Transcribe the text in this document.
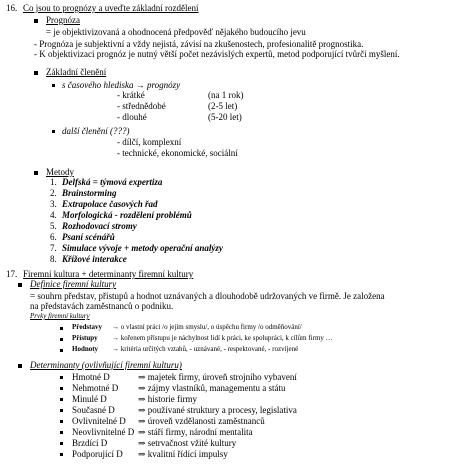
16. Co jsou to prognózy a uveďte základní rozdělení
Prognóza
= je objektivizovaná a ohodnocená předpověď nějakého budoucího jevu
- Prognóza je subjektivní a vždy nejistá, závisí na zkušenostech, profesionalitě prognostika.
- K objektivizaci prognóz je nutný větší počet nezávislých expertů, metod podporující tvůrčí myšlení.
Základní členění
s časového hlediska → prognózy
- krátké	(na 1 rok)
- střednědobé	(2-5 let)
- dlouhé	(5-20 let)
další členění (???)
- dílčí, komplexní
- technické, ekonomické, sociální
Metody
1. Delfská = týmová expertiza
2. Brainstorming
3. Extrapolace časových řad
4. Morfologická - rozdělení problémů
5. Rozhodovací stromy
6. Psaní scénářů
7. Simulace vývoje + metody operační analýzy
8. Křížové interakce
17. Firemní kultura + determinanty firemní kultury
Definice firemní kultury
= souhrn představ, přístupů a hodnot uznávaných a dlouhodobě udržovaných ve firmě. Je založena
na představách zaměstnanců o podniku.
Prvky firemní kultury
Představy → o vlastní práci /o jejím smyslu/, o úspěchu firmy /o odměňování/
Přístupy → kořenem přístupu je náchylnost lidí k práci, ke spolupráci, k cílům firmy …
Hodnoty → kritéria určitých vztahů, - uznávané, - respektované, - rozvíjené
Determinanty (ovlivňující firemní kulturu)
Hmotné D	⇒ majetek firmy, úroveň strojního vybavení
Nehmotné D ⇒ zájmy vlastníků, managementu a státu
Minulé D	⇒ historie firmy
Současné D	⇒ používané struktury a procesy, legislativa
Ovlivnitelné D ⇒ úroveň vzdělanosti zaměstnanců
Neovlivnitelné D ⇒ stáří firmy, národní mentalita
Brzdící D	⇒ setrvačnost vžité kultury
Podporující D ⇒ kvalitní řídící impulsy
